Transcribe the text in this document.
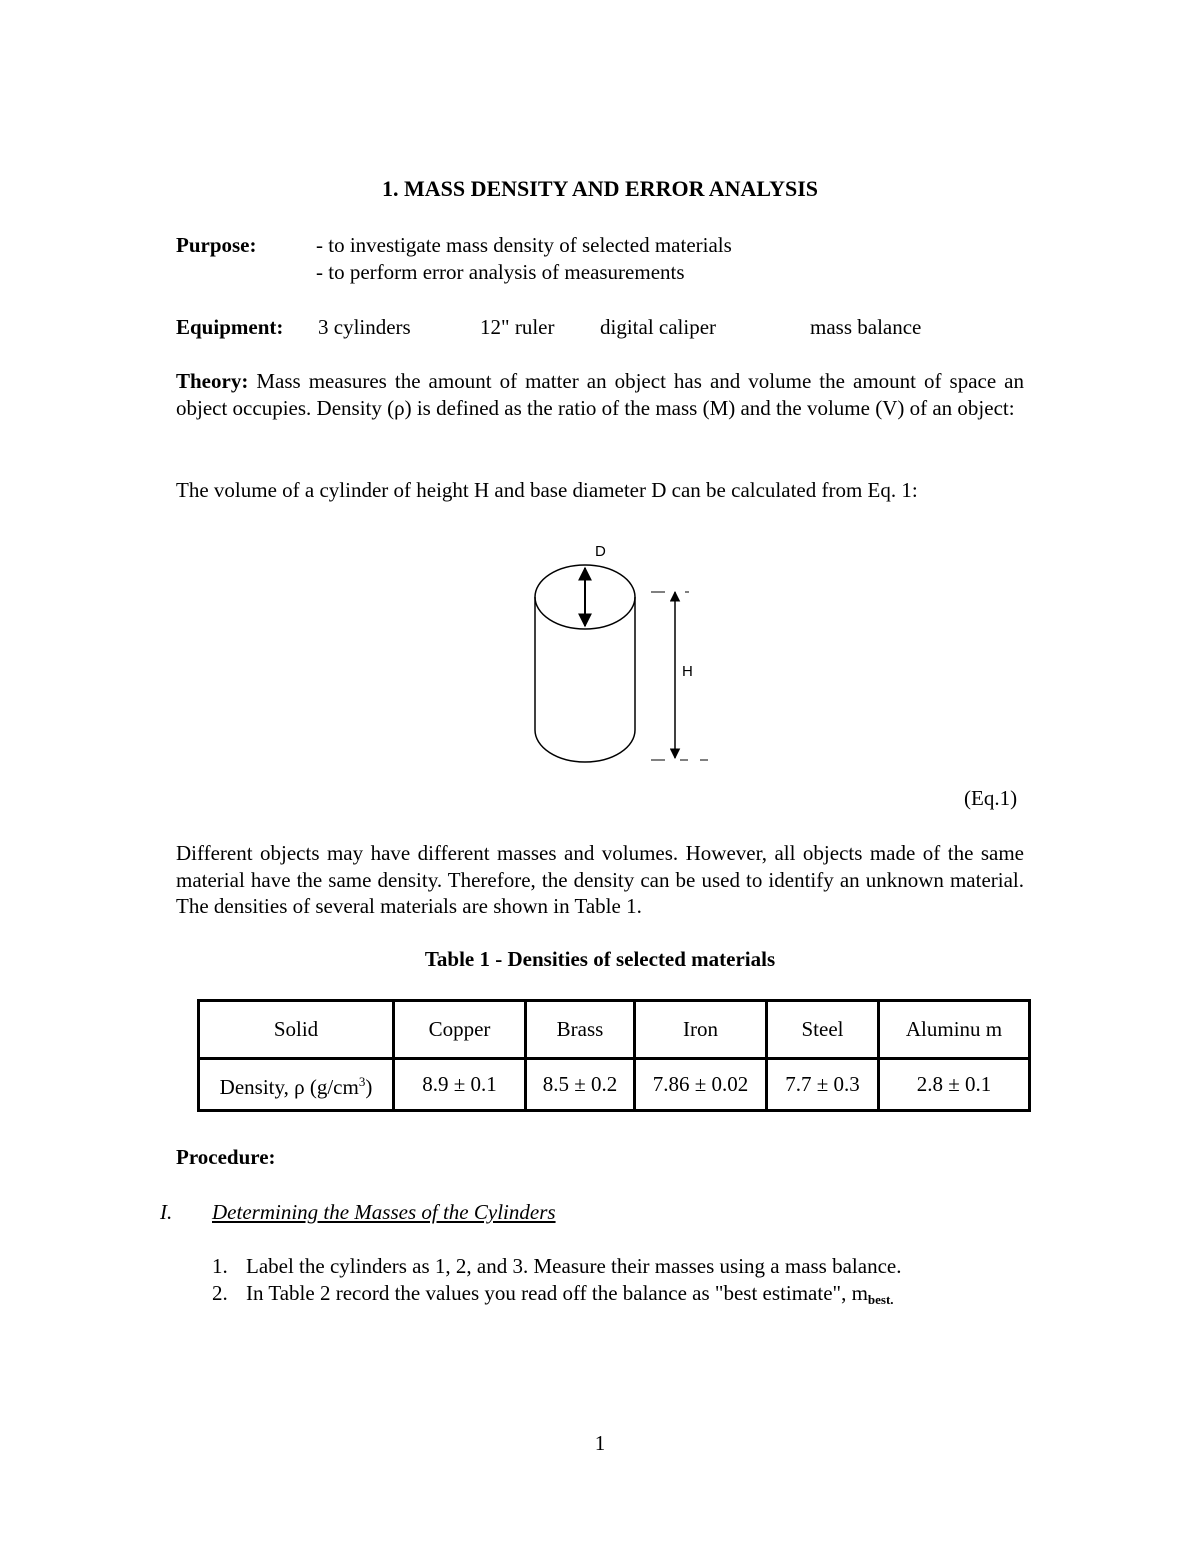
1. MASS DENSITY AND ERROR ANALYSIS
Purpose:	- to investigate mass density of selected materials
- to perform error analysis of measurements
Equipment: 3 cylinders	12" ruler digital caliper	mass balance
Theory: Mass measures the amount of matter an object has and volume the amount of space an object occupies. Density (ρ) is defined as the ratio of the mass (M) and the volume (V) of an object:
The volume of a cylinder of height H and base diameter D can be calculated from Eq. 1:
D
H
(Eq.1)
Different objects may have different masses and volumes. However, all objects made of the same material have the same density. Therefore, the density can be used to identify an unknown material. The densities of several materials are shown in Table 1.
Table 1 - Densities of selected materials
Solid	Copper	Brass	Iron	Steel	Aluminu m
Density, ρ $(g/cm^3)$	8.9 ± 0.1	8.5 ± 0.2	7.86 ± 0.02	7.7 ± 0.3	2.8 ± 0.1
Procedure:
I. Determining the Masses of the Cylinders
1. Label the cylinders as 1, 2, and 3. Measure their masses using a mass balance.
2. In Table 2 record the values you read off the balance as "best estimate", $m_{best.}$
1
